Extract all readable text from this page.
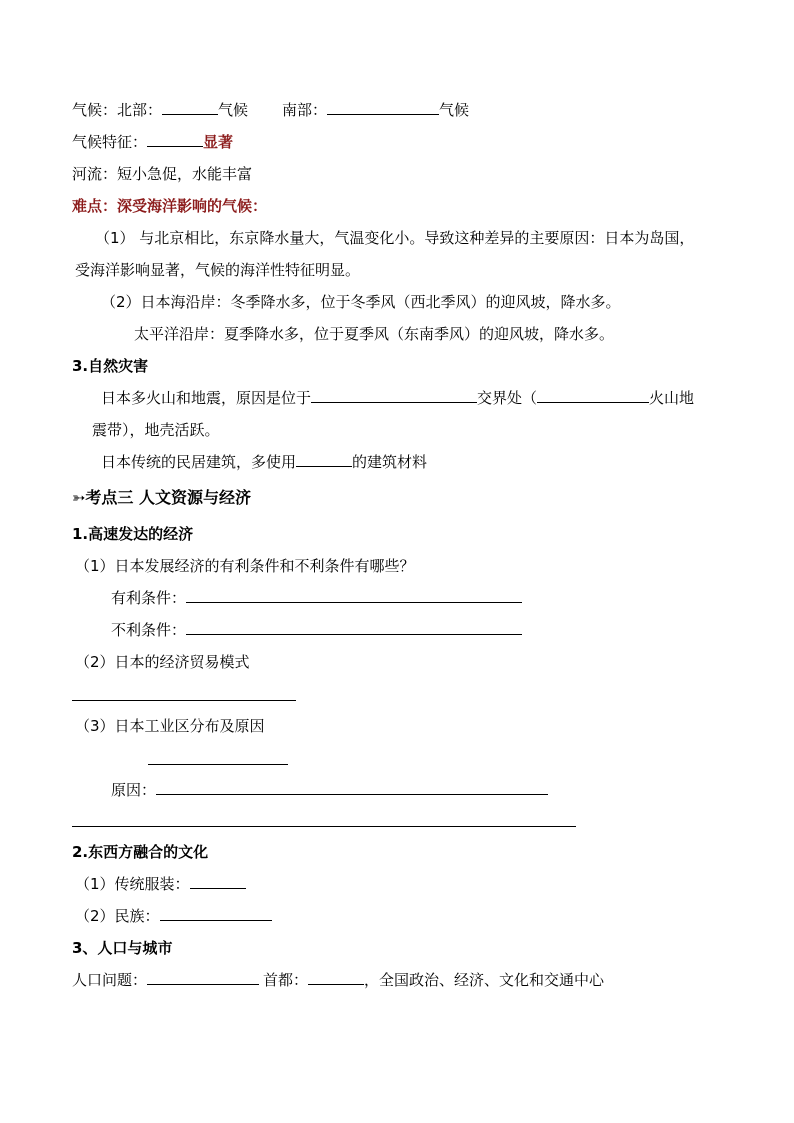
气候：北部：	气候 南部：	气候
气候特征：	显著
河流：短小急促，水能丰富
难点：深受海洋影响的气候：
（1） 与北京相比，东京降水量大，气温变化小。导致这种差异的主要原因：日本为岛国，
受海洋影响显著，气候的海洋性特征明显。
（2）日本海沿岸：冬季降水多，位于冬季风（西北季风）的迎风坡，降水多。
太平洋沿岸：夏季降水多，位于夏季风（东南季风）的迎风坡，降水多。
3.自然灾害
日本多火山和地震，原因是位于	交界处（	火山地
震带），地壳活跃。
日本传统的民居建筑，多使用	的建筑材料
➳考点三 人文资源与经济
1.高速发达的经济
（1）日本发展经济的有利条件和不利条件有哪些？
有利条件：
不利条件：
（2）日本的经济贸易模式
（3）日本工业区分布及原因
原因：
2.东西方融合的文化
（1）传统服装：
（2）民族：
3、人口与城市
人口问题：	首都：	，全国政治、经济、文化和交通中心
